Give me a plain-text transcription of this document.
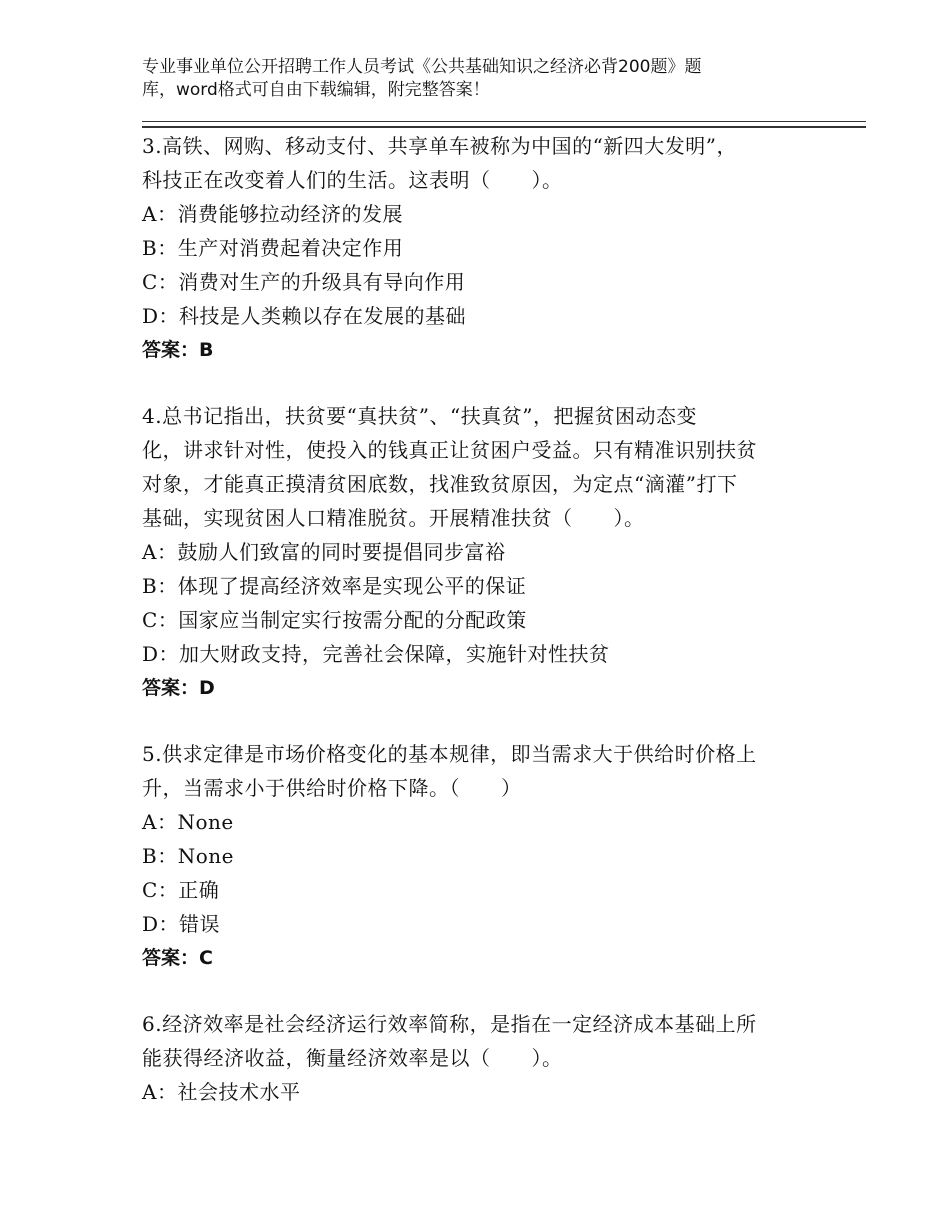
专业事业单位公开招聘工作人员考试《公共基础知识之经济必背200题》题
库，word格式可自由下载编辑，附完整答案！
3.高铁、网购、移动支付、共享单车被称为中国的“新四大发明”，
科技正在改变着人们的生活。这表明（　　）。
A：消费能够拉动经济的发展
B：生产对消费起着决定作用
C：消费对生产的升级具有导向作用
D：科技是人类赖以存在发展的基础
答案：B
4.总书记指出，扶贫要“真扶贫”、“扶真贫”，把握贫困动态变
化，讲求针对性，使投入的钱真正让贫困户受益。只有精准识别扶贫
对象，才能真正摸清贫困底数，找准致贫原因，为定点“滴灌”打下
基础，实现贫困人口精准脱贫。开展精准扶贫（　　）。
A：鼓励人们致富的同时要提倡同步富裕
B：体现了提高经济效率是实现公平的保证
C：国家应当制定实行按需分配的分配政策
D：加大财政支持，完善社会保障，实施针对性扶贫
答案：D
5.供求定律是市场价格变化的基本规律，即当需求大于供给时价格上
升，当需求小于供给时价格下降。（　　）
A：None
B：None
C：正确
D：错误
答案：C
6.经济效率是社会经济运行效率简称，是指在一定经济成本基础上所
能获得经济收益，衡量经济效率是以（　　）。
A：社会技术水平
